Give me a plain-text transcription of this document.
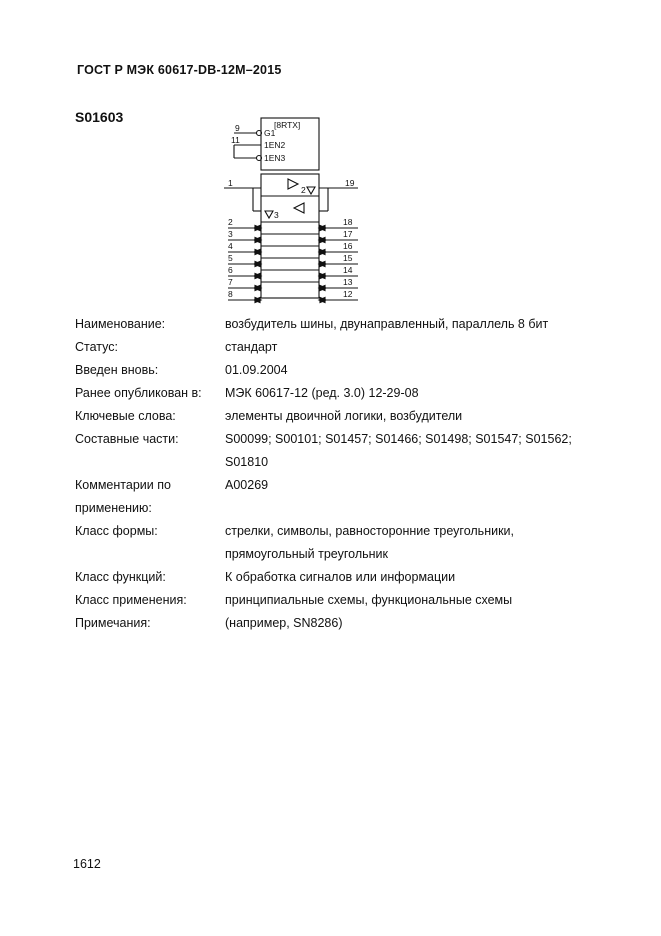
ГОСТ Р МЭК 60617-DB-12М–2015
S01603	[8RTX]
G1
1EN2
1EN3
9
11
1	19
2
3
2
3
4
5
6
7
8
18
17
16
15
14
13
12
Наименование:	возбудитель шины, двунаправленный, параллель 8 бит
Статус:	стандарт
Введен вновь:	01.09.2004
Ранее опубликован в:	МЭК 60617-12 (ред. 3.0) 12-29-08
Ключевые слова:	элементы двоичной логики, возбудители
Составные части:	S00099; S00101; S01457; S01466; S01498; S01547; S01562;
S01810
Комментарии по
применению:
A00269
Класс формы:	стрелки, символы, равносторонние треугольники,
прямоугольный треугольник
Класс функций:	К обработка сигналов или информации
Класс применения:	принципиальные схемы, функциональные схемы
Примечания:	(например, SN8286)
1612
